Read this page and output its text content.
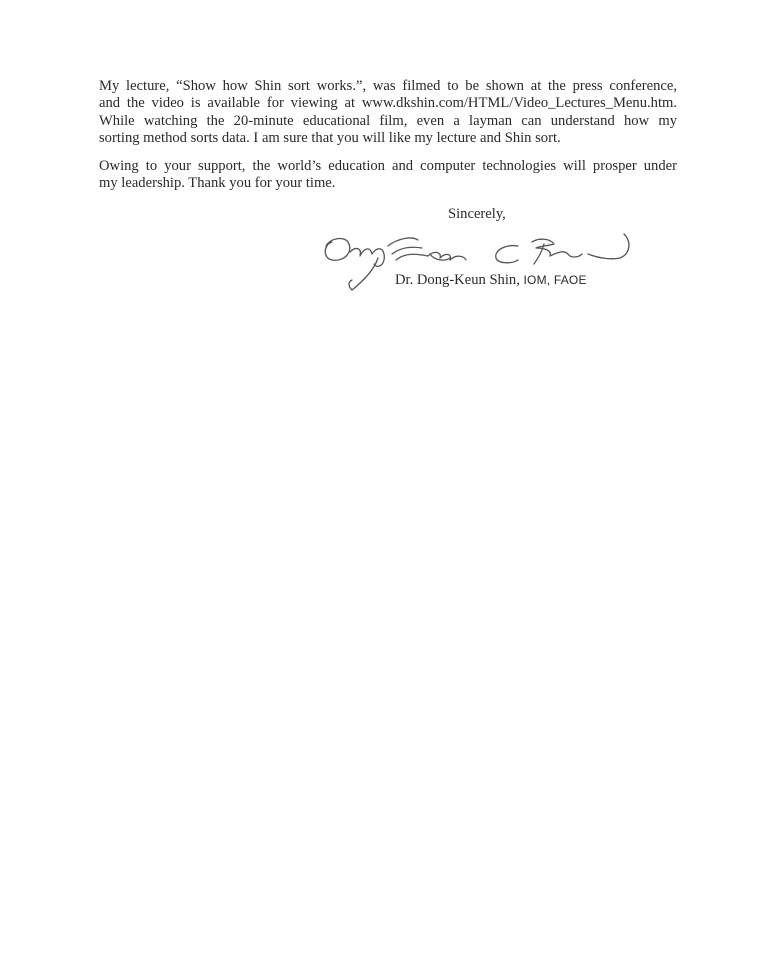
My lecture, “Show how Shin sort works.”, was filmed to be shown at the press conference,
and the video is available for viewing at www.dkshin.com/HTML/Video_Lectures_Menu.htm.
While watching the 20-minute educational film, even a layman can understand how my
sorting method sorts data. I am sure that you will like my lecture and Shin sort.
Owing to your support, the world’s education and computer technologies will prosper under
my leadership. Thank you for your time.

Sincerely,

Dr. Dong-Keun Shin, IOM, FAOE
